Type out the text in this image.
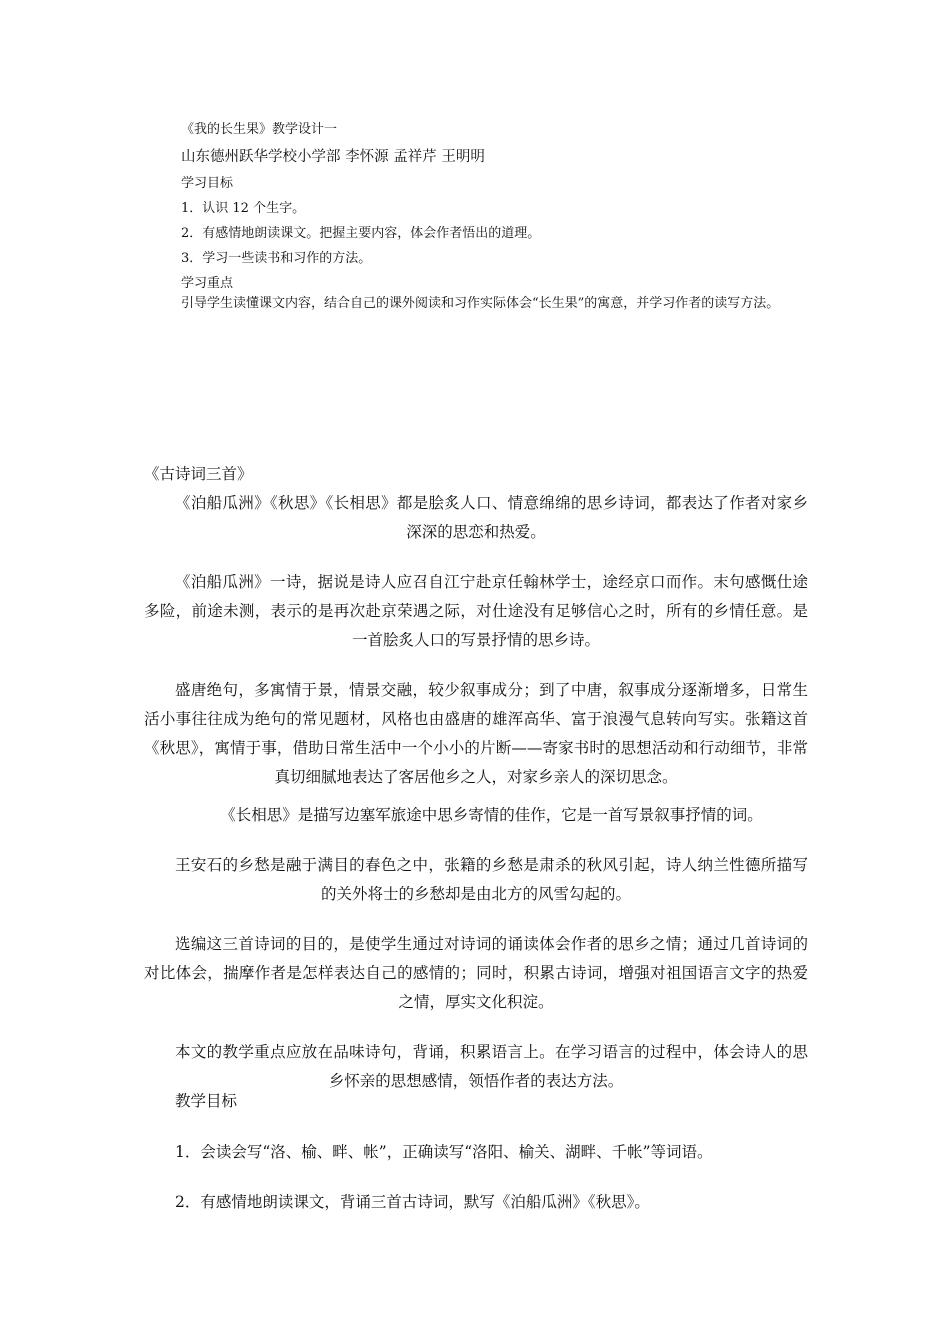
《我的长生果》教学设计一
山东德州跃华学校小学部 李怀源 孟祥芹 王明明
学习目标
1．认识 12 个生字。
2．有感情地朗读课文。把握主要内容，体会作者悟出的道理。
3．学习一些读书和习作的方法。
学习重点
引导学生读懂课文内容，结合自己的课外阅读和习作实际体会“长生果”的寓意，并学习作者的读写方法。
《古诗词三首》
《泊船瓜洲》《秋思》《长相思》都是脍炙人口、情意绵绵的思乡诗词，都表达了作者对家乡深深的思恋和热爱。
《泊船瓜洲》一诗，据说是诗人应召自江宁赴京任翰林学士，途经京口而作。末句感慨仕途多险，前途未测，表示的是再次赴京荣遇之际，对仕途没有足够信心之时，所有的乡情任意。是一首脍炙人口的写景抒情的思乡诗。
盛唐绝句，多寓情于景，情景交融，较少叙事成分；到了中唐，叙事成分逐渐增多，日常生活小事往往成为绝句的常见题材，风格也由盛唐的雄浑高华、富于浪漫气息转向写实。张籍这首《秋思》，寓情于事，借助日常生活中一个小小的片断——寄家书时的思想活动和行动细节，非常真切细腻地表达了客居他乡之人，对家乡亲人的深切思念。
《长相思》是描写边塞军旅途中思乡寄情的佳作，它是一首写景叙事抒情的词。
王安石的乡愁是融于满目的春色之中，张籍的乡愁是肃杀的秋风引起，诗人纳兰性德所描写的关外将士的乡愁却是由北方的风雪勾起的。
选编这三首诗词的目的，是使学生通过对诗词的诵读体会作者的思乡之情；通过几首诗词的对比体会，揣摩作者是怎样表达自己的感情的；同时，积累古诗词，增强对祖国语言文字的热爱之情，厚实文化积淀。
本文的教学重点应放在品味诗句，背诵，积累语言上。在学习语言的过程中，体会诗人的思乡怀亲的思想感情，领悟作者的表达方法。
教学目标
1．会读会写“洛、榆、畔、帐”，正确读写“洛阳、榆关、湖畔、千帐”等词语。
2．有感情地朗读课文，背诵三首古诗词，默写《泊船瓜洲》《秋思》。
